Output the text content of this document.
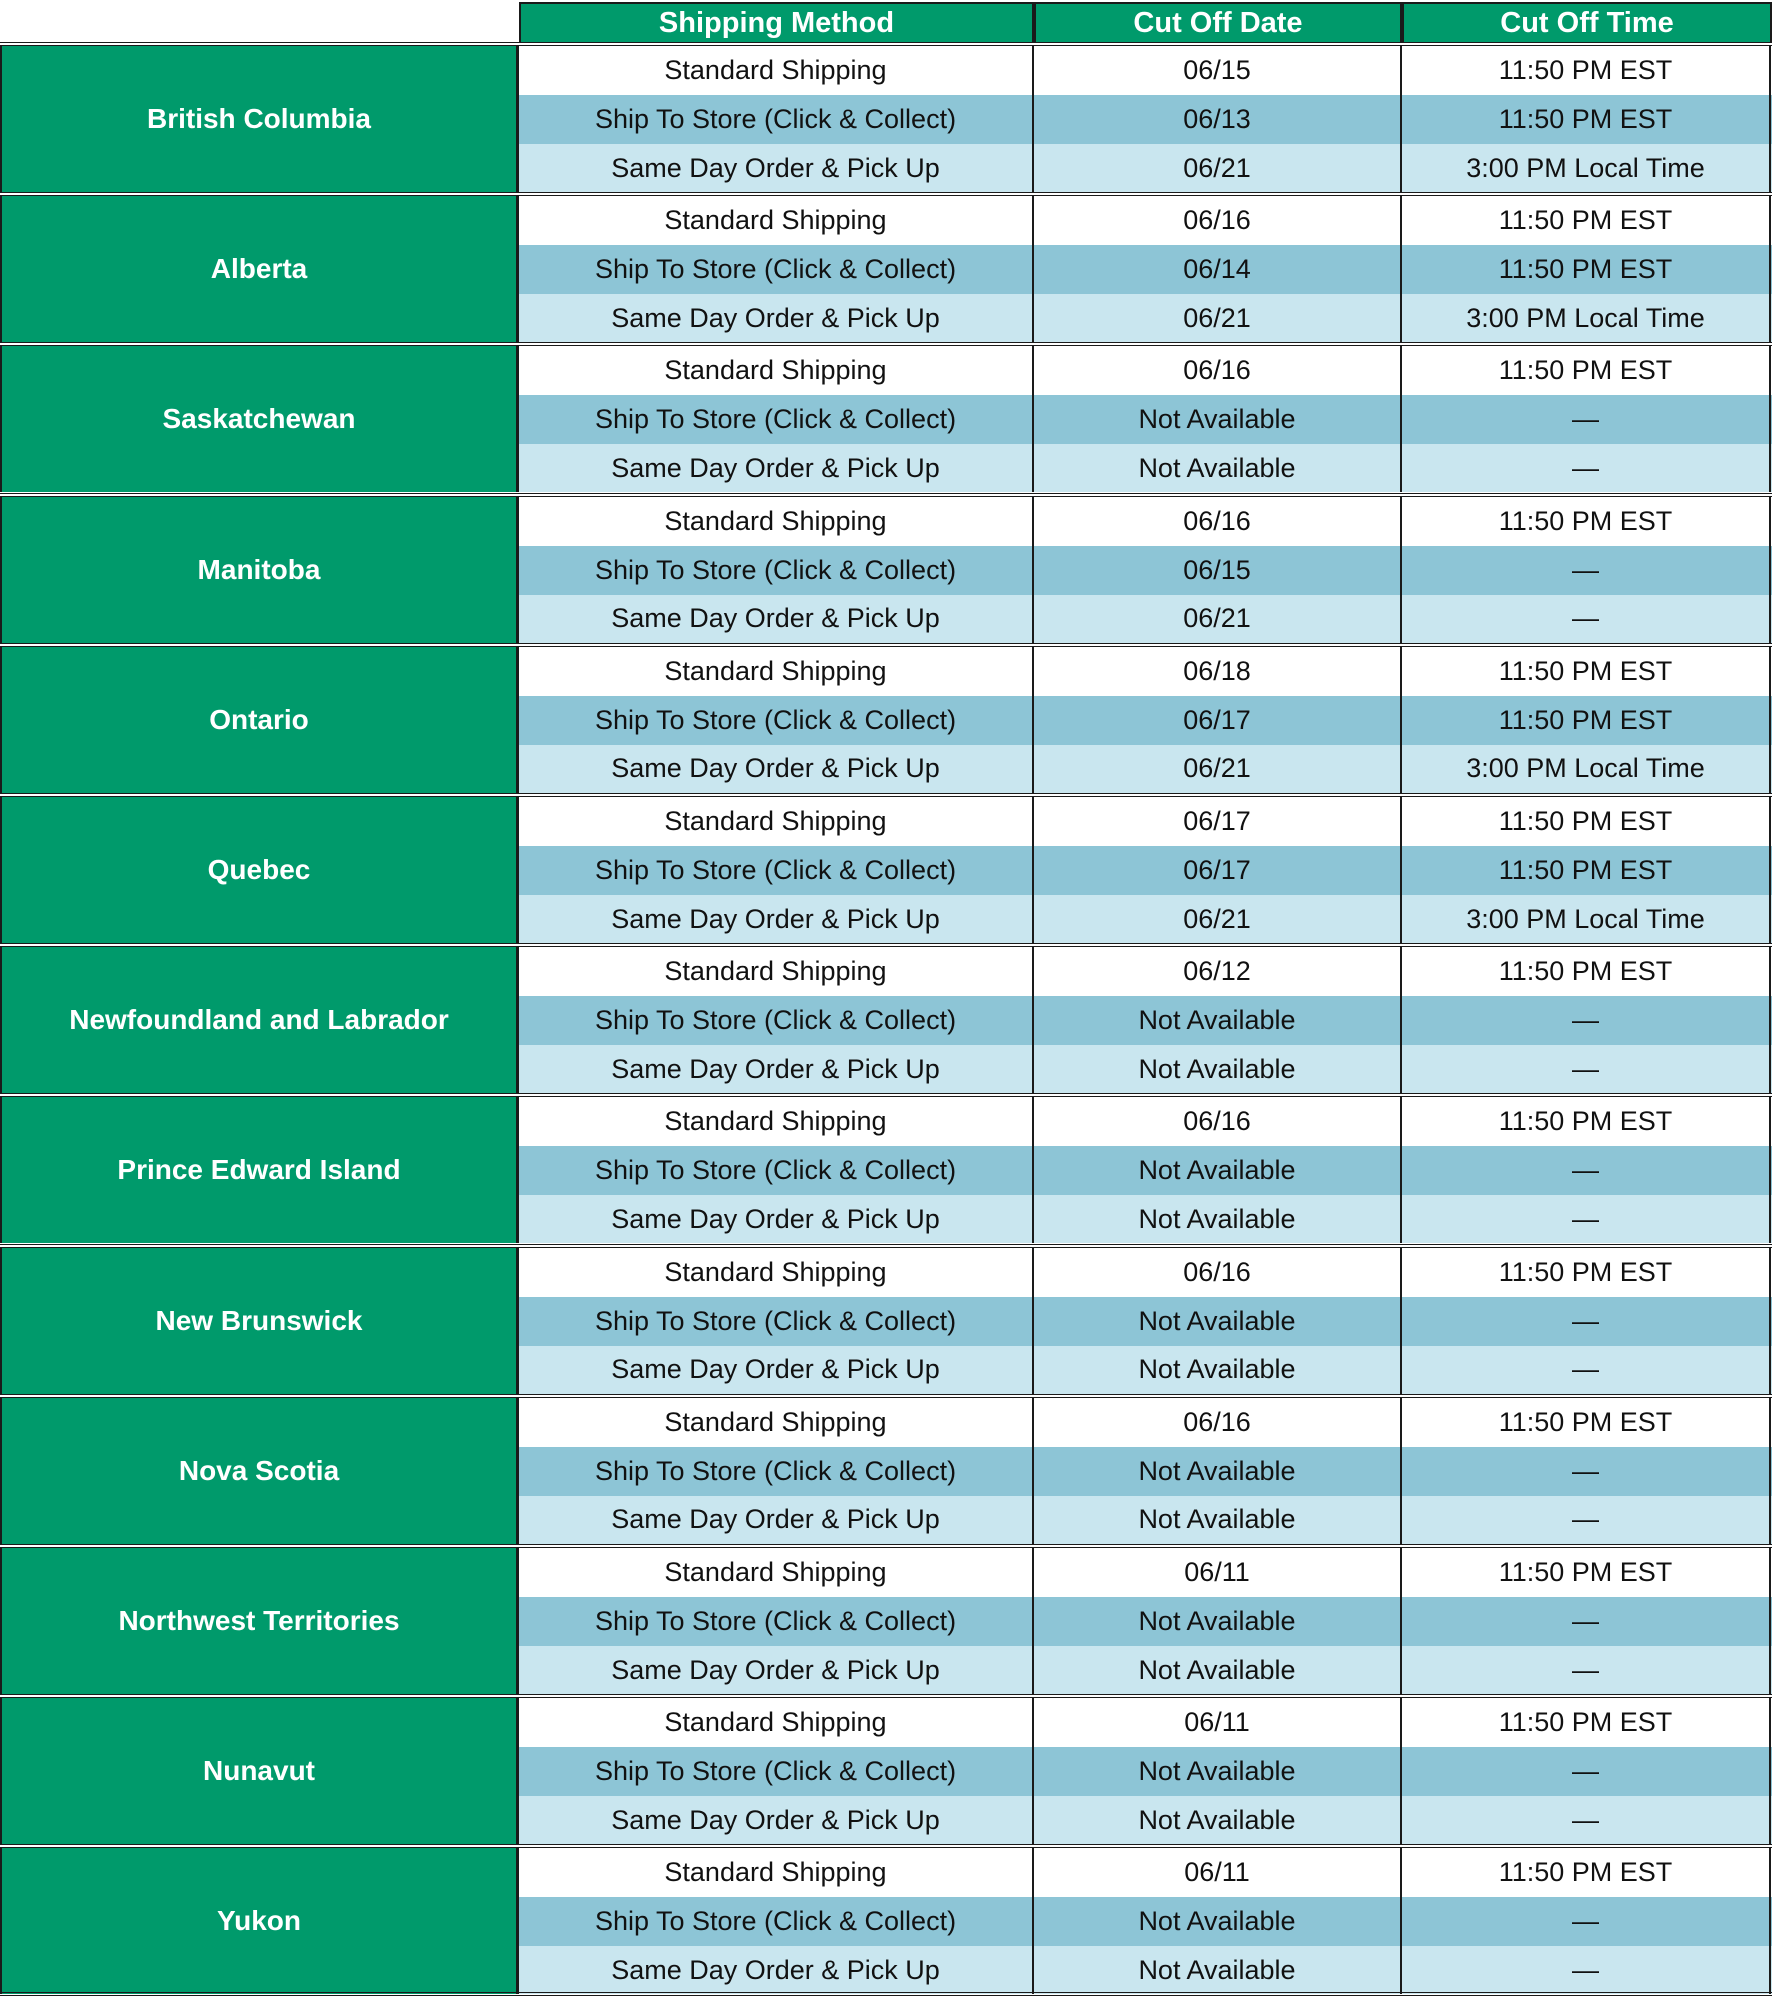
Shipping Method	Cut Off Date	Cut Off Time
British Columbia
Standard Shipping	06/15	11:50 PM EST
Ship To Store (Click & Collect)	06/13	11:50 PM EST
Same Day Order & Pick Up	06/21	3:00 PM Local Time
Alberta
Standard Shipping	06/16	11:50 PM EST
Ship To Store (Click & Collect)	06/14	11:50 PM EST
Same Day Order & Pick Up	06/21	3:00 PM Local Time
Saskatchewan
Standard Shipping	06/16	11:50 PM EST
Ship To Store (Click & Collect)	Not Available	—
Same Day Order & Pick Up	Not Available	—
Manitoba
Standard Shipping	06/16	11:50 PM EST
Ship To Store (Click & Collect)	06/15	—
Same Day Order & Pick Up	06/21	—
Ontario
Standard Shipping	06/18	11:50 PM EST
Ship To Store (Click & Collect)	06/17	11:50 PM EST
Same Day Order & Pick Up	06/21	3:00 PM Local Time
Quebec
Standard Shipping	06/17	11:50 PM EST
Ship To Store (Click & Collect)	06/17	11:50 PM EST
Same Day Order & Pick Up	06/21	3:00 PM Local Time
Newfoundland and Labrador
Standard Shipping	06/12	11:50 PM EST
Ship To Store (Click & Collect)	Not Available	—
Same Day Order & Pick Up	Not Available	—
Prince Edward Island
Standard Shipping	06/16	11:50 PM EST
Ship To Store (Click & Collect)	Not Available	—
Same Day Order & Pick Up	Not Available	—
New Brunswick
Standard Shipping	06/16	11:50 PM EST
Ship To Store (Click & Collect)	Not Available	—
Same Day Order & Pick Up	Not Available	—
Nova Scotia
Standard Shipping	06/16	11:50 PM EST
Ship To Store (Click & Collect)	Not Available	—
Same Day Order & Pick Up	Not Available	—
Northwest Territories
Standard Shipping	06/11	11:50 PM EST
Ship To Store (Click & Collect)	Not Available	—
Same Day Order & Pick Up	Not Available	—
Nunavut
Standard Shipping	06/11	11:50 PM EST
Ship To Store (Click & Collect)	Not Available	—
Same Day Order & Pick Up	Not Available	—
Yukon
Standard Shipping	06/11	11:50 PM EST
Ship To Store (Click & Collect)	Not Available	—
Same Day Order & Pick Up	Not Available	—
